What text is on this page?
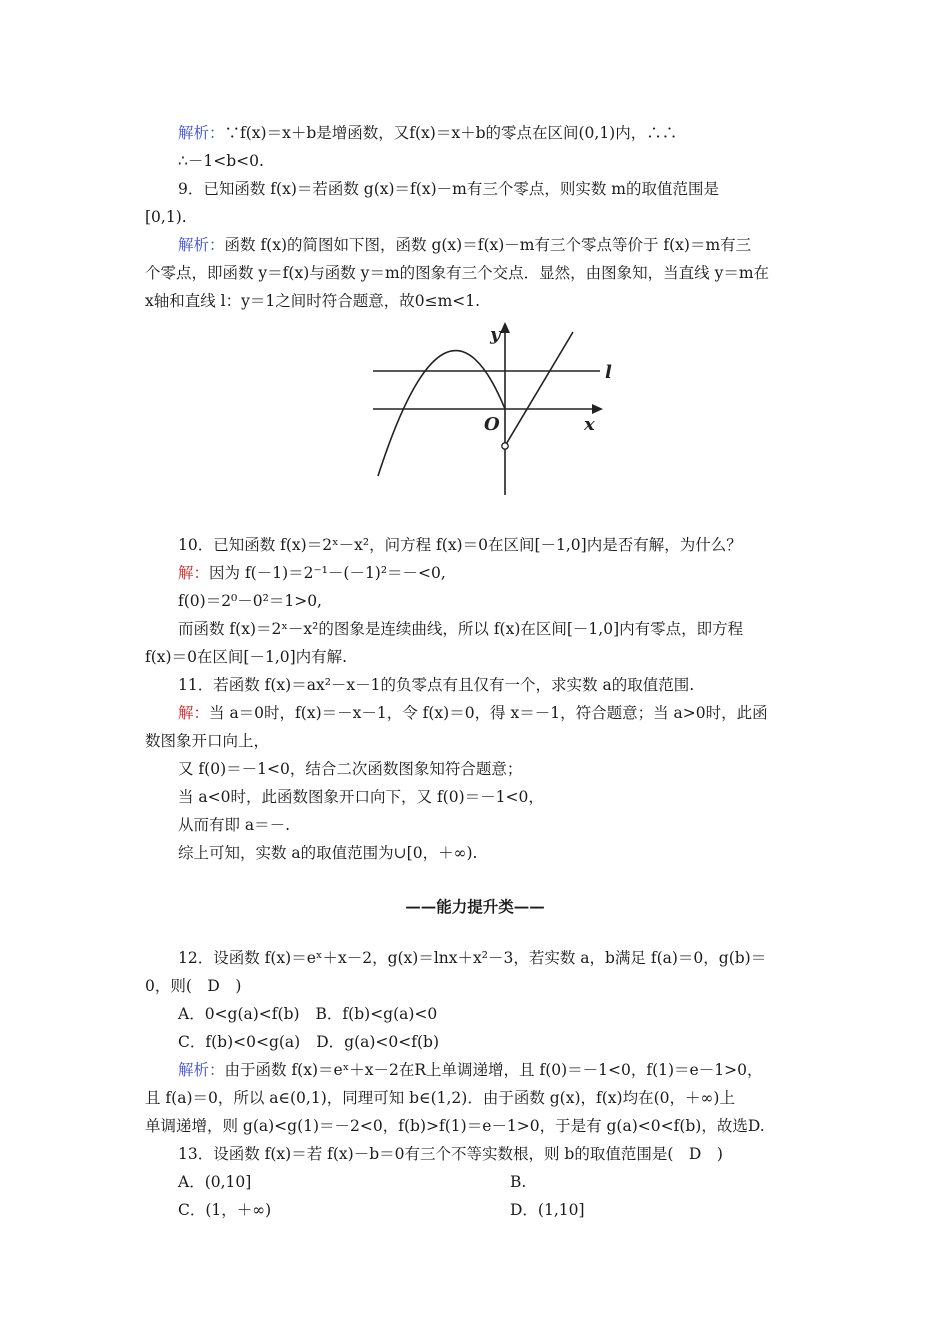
解析：∵f(x)＝x＋b是增函数，又f(x)＝x＋b的零点在区间(0,1)内，∴∴
∴－1<b<0.
9．已知函数 f(x)＝若函数 g(x)＝f(x)－m有三个零点，则实数 m的取值范围是
[0,1).
解析：函数 f(x)的简图如下图，函数 g(x)＝f(x)－m有三个零点等价于 f(x)＝m有三
个零点，即函数 y＝f(x)与函数 y＝m的图象有三个交点．显然，由图象知，当直线 y＝m在
x轴和直线 l：y＝1之间时符合题意，故0≤m<1.
y
x
O
l
10．已知函数 f(x)＝2ˣ－x²，问方程 f(x)＝0在区间[－1,0]内是否有解，为什么？
解：因为 f(－1)＝2⁻¹－(－1)²＝－<0,
f(0)＝2⁰－0²＝1>0,
而函数 f(x)＝2ˣ－x²的图象是连续曲线，所以 f(x)在区间[－1,0]内有零点，即方程
f(x)＝0在区间[－1,0]内有解.
11．若函数 f(x)＝ax²－x－1的负零点有且仅有一个，求实数 a的取值范围.
解：当 a＝0时，f(x)＝－x－1，令 f(x)＝0，得 x＝－1，符合题意；当 a>0时，此函
数图象开口向上，
又 f(0)＝－1<0，结合二次函数图象知符合题意；
当 a<0时，此函数图象开口向下，又 f(0)＝－1<0，
从而有即 a＝－.
综上可知，实数 a的取值范围为∪[0，＋∞).
——能力提升类——
12．设函数 f(x)＝eˣ＋x－2，g(x)＝lnx＋x²－3，若实数 a，b满足 f(a)＝0，g(b)＝
0，则(　D　)
A．0<g(a)<f(b) B．f(b)<g(a)<0
C．f(b)<0<g(a) D．g(a)<0<f(b)
解析：由于函数 f(x)＝eˣ＋x－2在R上单调递增，且 f(0)＝－1<0，f(1)＝e－1>0，
且 f(a)＝0，所以 a∈(0,1)，同理可知 b∈(1,2)．由于函数 g(x)，f(x)均在(0，＋∞)上
单调递增，则 g(a)<g(1)＝－2<0，f(b)>f(1)＝e－1>0，于是有 g(a)<0<f(b)，故选D.
13．设函数 f(x)＝若 f(x)－b＝0有三个不等实数根，则 b的取值范围是(　D　)
A．(0,10]	B.
C．(1，＋∞)	D．(1,10]
